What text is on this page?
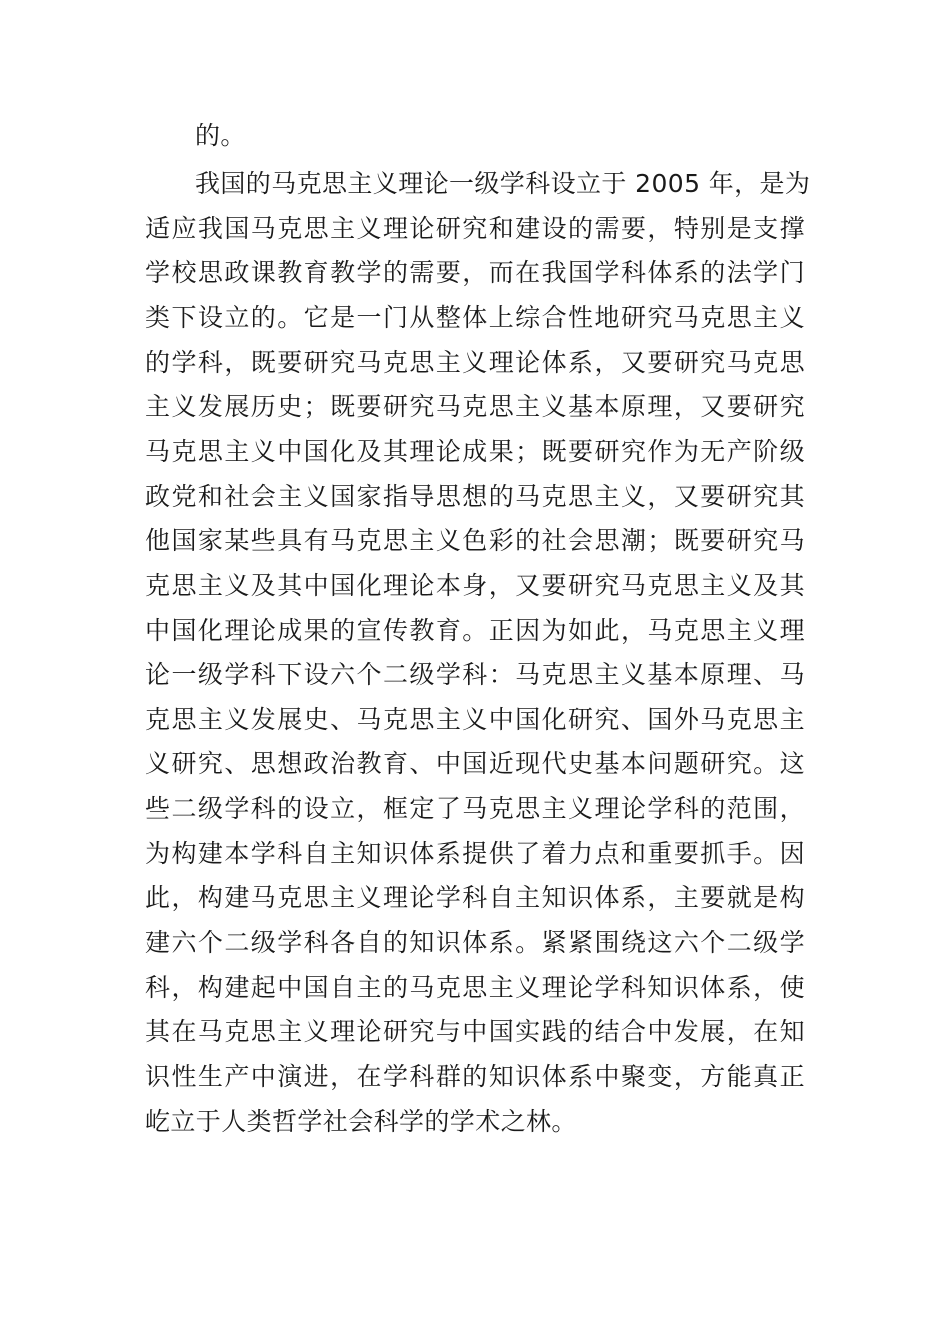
的。
我国的马克思主义理论一级学科设立于 2005 年，是为
适应我国马克思主义理论研究和建设的需要，特别是支撑
学校思政课教育教学的需要，而在我国学科体系的法学门
类下设立的。它是一门从整体上综合性地研究马克思主义
的学科，既要研究马克思主义理论体系，又要研究马克思
主义发展历史；既要研究马克思主义基本原理，又要研究
马克思主义中国化及其理论成果；既要研究作为无产阶级
政党和社会主义国家指导思想的马克思主义，又要研究其
他国家某些具有马克思主义色彩的社会思潮；既要研究马
克思主义及其中国化理论本身，又要研究马克思主义及其
中国化理论成果的宣传教育。正因为如此，马克思主义理
论一级学科下设六个二级学科：马克思主义基本原理、马
克思主义发展史、马克思主义中国化研究、国外马克思主
义研究、思想政治教育、中国近现代史基本问题研究。这
些二级学科的设立，框定了马克思主义理论学科的范围，
为构建本学科自主知识体系提供了着力点和重要抓手。因
此，构建马克思主义理论学科自主知识体系，主要就是构
建六个二级学科各自的知识体系。紧紧围绕这六个二级学
科，构建起中国自主的马克思主义理论学科知识体系，使
其在马克思主义理论研究与中国实践的结合中发展，在知
识性生产中演进，在学科群的知识体系中聚变，方能真正
屹立于人类哲学社会科学的学术之林。
